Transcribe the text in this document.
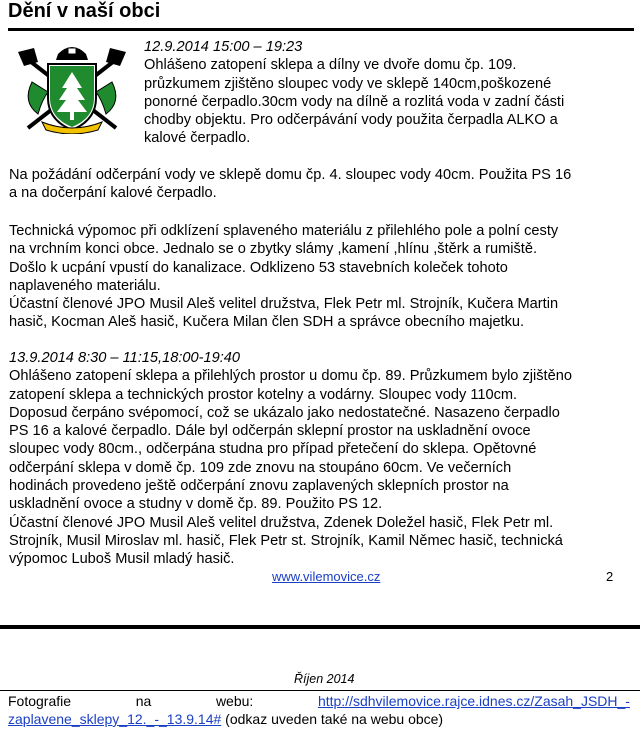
Dění v naší obci
12.9.2014 15:00 – 19:23
Ohlášeno zatopení sklepa a dílny ve dvoře domu čp. 109.
průzkumem zjištěno sloupec vody ve sklepě 140cm,poškozené
ponorné čerpadlo.30cm vody na dílně a rozlitá voda v zadní části
chodby objektu. Pro odčerpávání vody použita čerpadla ALKO a
kalové čerpadlo.
Na požádání odčerpání vody ve sklepě domu čp. 4. sloupec vody 40cm. Použita PS 16
a na dočerpání kalové čerpadlo.
Technická výpomoc při odklízení splaveného materiálu z přilehlého pole a polní cesty
na vrchním konci obce. Jednalo se o zbytky slámy ,kamení ,hlínu ,štěrk a rumiště.
Došlo k ucpání vpustí do kanalizace. Odklizeno 53 stavebních koleček tohoto
naplaveného materiálu.
Účastní členové JPO Musil Aleš velitel družstva, Flek Petr ml. Strojník, Kučera Martin
hasič, Kocman Aleš hasič, Kučera Milan člen SDH a správce obecního majetku.
13.9.2014 8:30 – 11:15,18:00-19:40
Ohlášeno zatopení sklepa a přilehlých prostor u domu čp. 89. Průzkumem bylo zjištěno
zatopení sklepa a technických prostor kotelny a vodárny. Sloupec vody 110cm.
Doposud čerpáno svépomocí, což se ukázalo jako nedostatečné. Nasazeno čerpadlo
PS 16 a kalové čerpadlo. Dále byl odčerpán sklepní prostor na uskladnění ovoce
sloupec vody 80cm., odčerpána studna pro případ přetečení do sklepa. Opětovné
odčerpání sklepa v domě čp. 109 zde znovu na stoupáno 60cm. Ve večerních
hodinách provedeno ještě odčerpání znovu zaplavených sklepních prostor na
uskladnění ovoce a studny v domě čp. 89. Použito PS 12.
Účastní členové JPO Musil Aleš velitel družstva, Zdenek Doležel hasič, Flek Petr ml.
Strojník, Musil Miroslav ml. hasič, Flek Petr st. Strojník, Kamil Němec hasič, technická
výpomoc Luboš Musil mladý hasič.
www.vilemovice.cz	2
Říjen 2014
Fotografie	na	webu:	http://sdhvilemovice.rajce.idnes.cz/Zasah_JSDH_-
zaplavene_sklepy_12._-_13.9.14# (odkaz uveden také na webu obce)
